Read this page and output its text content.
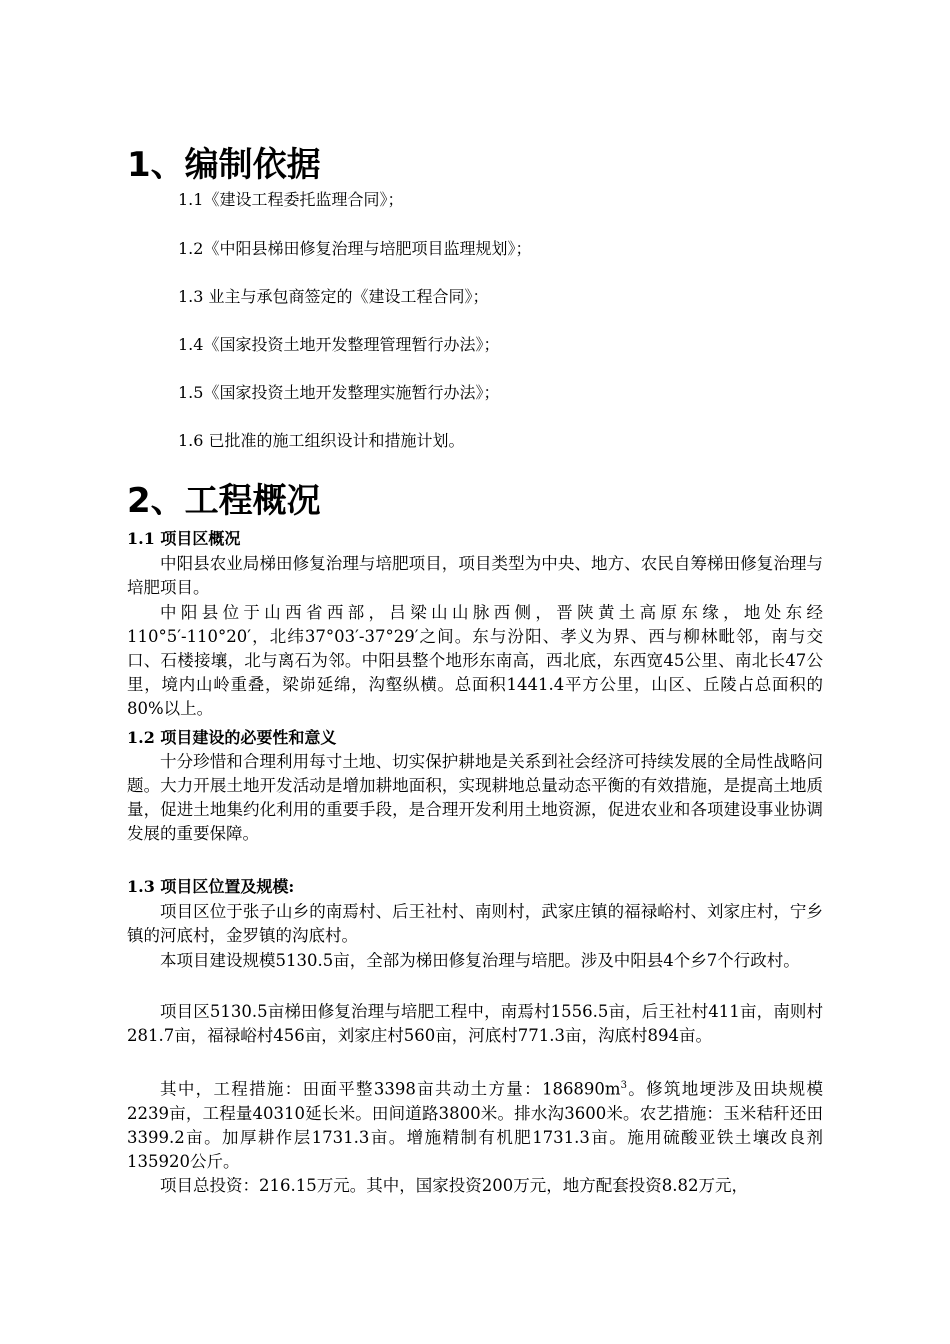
1、编制依据
1.1《建设工程委托监理合同》；
1.2《中阳县梯田修复治理与培肥项目监理规划》；
1.3 业主与承包商签定的《建设工程合同》；
1.4《国家投资土地开发整理管理暂行办法》；
1.5《国家投资土地开发整理实施暂行办法》；
1.6 已批准的施工组织设计和措施计划。
2、工程概况
1.1 项目区概况

中阳县农业局梯田修复治理与培肥项目，项目类型为中央、地方、农民自筹梯田修复治理与培肥项目。

中阳县位于山西省西部，吕梁山山脉西侧，晋陕黄土高原东缘，地处东经110°5′-110°20′，北纬37°03′-37°29′之间。东与汾阳、孝义为界、西与柳林毗邻，南与交口、石楼接壤，北与离石为邻。中阳县整个地形东南高，西北底，东西宽45公里、南北长47公里，境内山岭重叠，梁峁延绵，沟壑纵横。总面积1441.4平方公里，山区、丘陵占总面积的80%以上。

1.2 项目建设的必要性和意义

十分珍惜和合理利用每寸土地、切实保护耕地是关系到社会经济可持续发展的全局性战略问题。大力开展土地开发活动是增加耕地面积，实现耕地总量动态平衡的有效措施，是提高土地质量，促进土地集约化利用的重要手段，是合理开发利用土地资源，促进农业和各项建设事业协调发展的重要保障。

1.3 项目区位置及规模:

项目区位于张子山乡的南焉村、后王社村、南则村，武家庄镇的福禄峪村、刘家庄村，宁乡镇的河底村，金罗镇的沟底村。

本项目建设规模5130.5亩，全部为梯田修复治理与培肥。涉及中阳县4个乡7个行政村。

项目区5130.5亩梯田修复治理与培肥工程中，南焉村1556.5亩，后王社村411亩，南则村281.7亩，福禄峪村456亩，刘家庄村560亩，河底村771.3亩，沟底村894亩。

其中，工程措施：田面平整3398亩共动土方量：$186890m^3$。修筑地埂涉及田块规模2239亩，工程量40310延长米。田间道路3800米。排水沟3600米。农艺措施：玉米秸秆还田3399.2亩。加厚耕作层1731.3亩。增施精制有机肥1731.3亩。施用硫酸亚铁土壤改良剂135920公斤。

项目总投资：216.15万元。其中，国家投资200万元，地方配套投资8.82万元，
